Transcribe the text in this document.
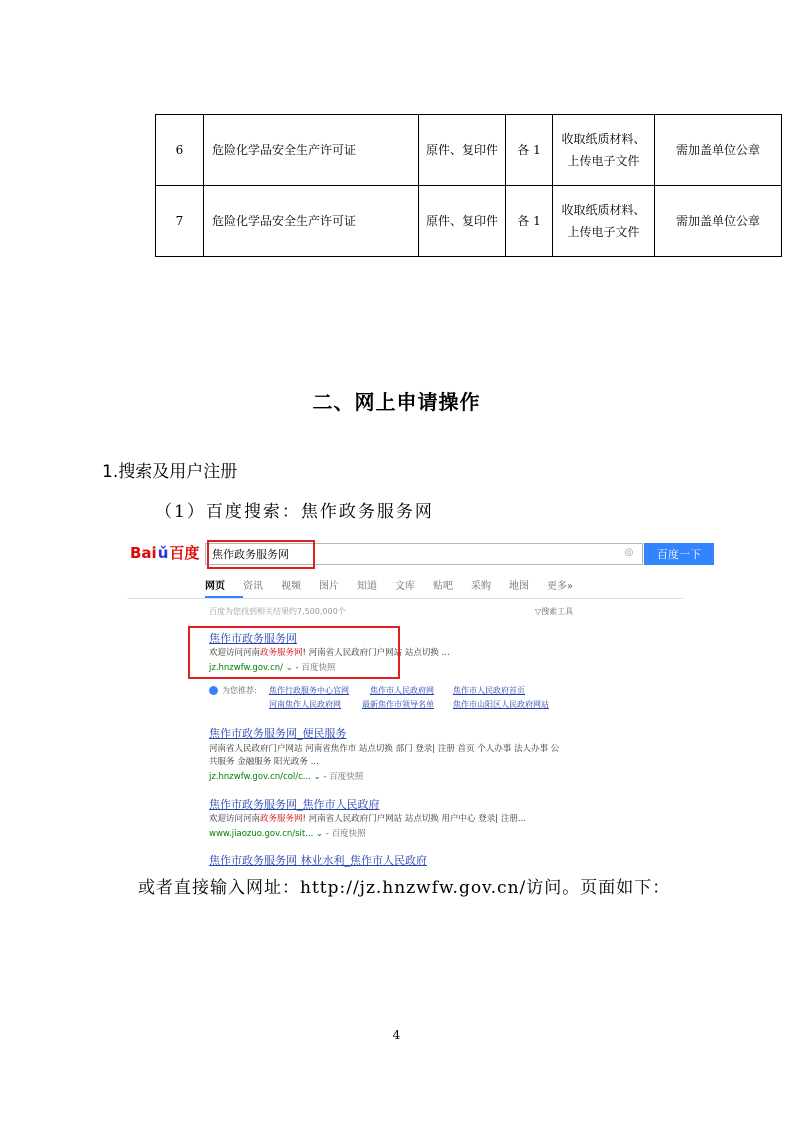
6	危险化学品安全生产许可证	原件、复印件	各 1	收取纸质材料、
上传电子文件	需加盖单位公章
7	危险化学品安全生产许可证	原件、复印件	各 1	收取纸质材料、
上传电子文件	需加盖单位公章
二、网上申请操作
1.搜索及用户注册

（1）百度搜索：焦作政务服务网

Bai ǔ 百度
焦作政务服务网	◎	百度一下
网页 资讯 视频 图片 知道 文库 贴吧 采购 地图 更多»
百度为您找到相关结果约7,500,000个	▽搜索工具
焦作市政务服务网
欢迎访问河南政务服务网! 河南省人民政府门户网站 站点切换 ...
jz.hnzwfw.gov.cn/ ⌄ - 百度快照
为您推荐: 焦作行政服务中心官网	焦作市人民政府网 焦作市人民政府首页
河南焦作人民政府网	最新焦作市领导名单 焦作市山阳区人民政府网站
焦作市政务服务网_便民服务
河南省人民政府门户网站 河南省焦作市 站点切换 部门 登录| 注册 首页 个人办事 法人办事 公
共服务 金融服务 阳光政务 ...
jz.hnzwfw.gov.cn/col/c... ⌄ - 百度快照
焦作市政务服务网_焦作市人民政府
欢迎访问河南政务服务网! 河南省人民政府门户网站 站点切换 用户中心 登录| 注册...
www.jiaozuo.gov.cn/sit... ⌄ - 百度快照
焦作市政务服务网 林业水利_焦作市人民政府

或者直接输入网址：http://jz.hnzwfw.gov.cn/访问。页面如下：

4
